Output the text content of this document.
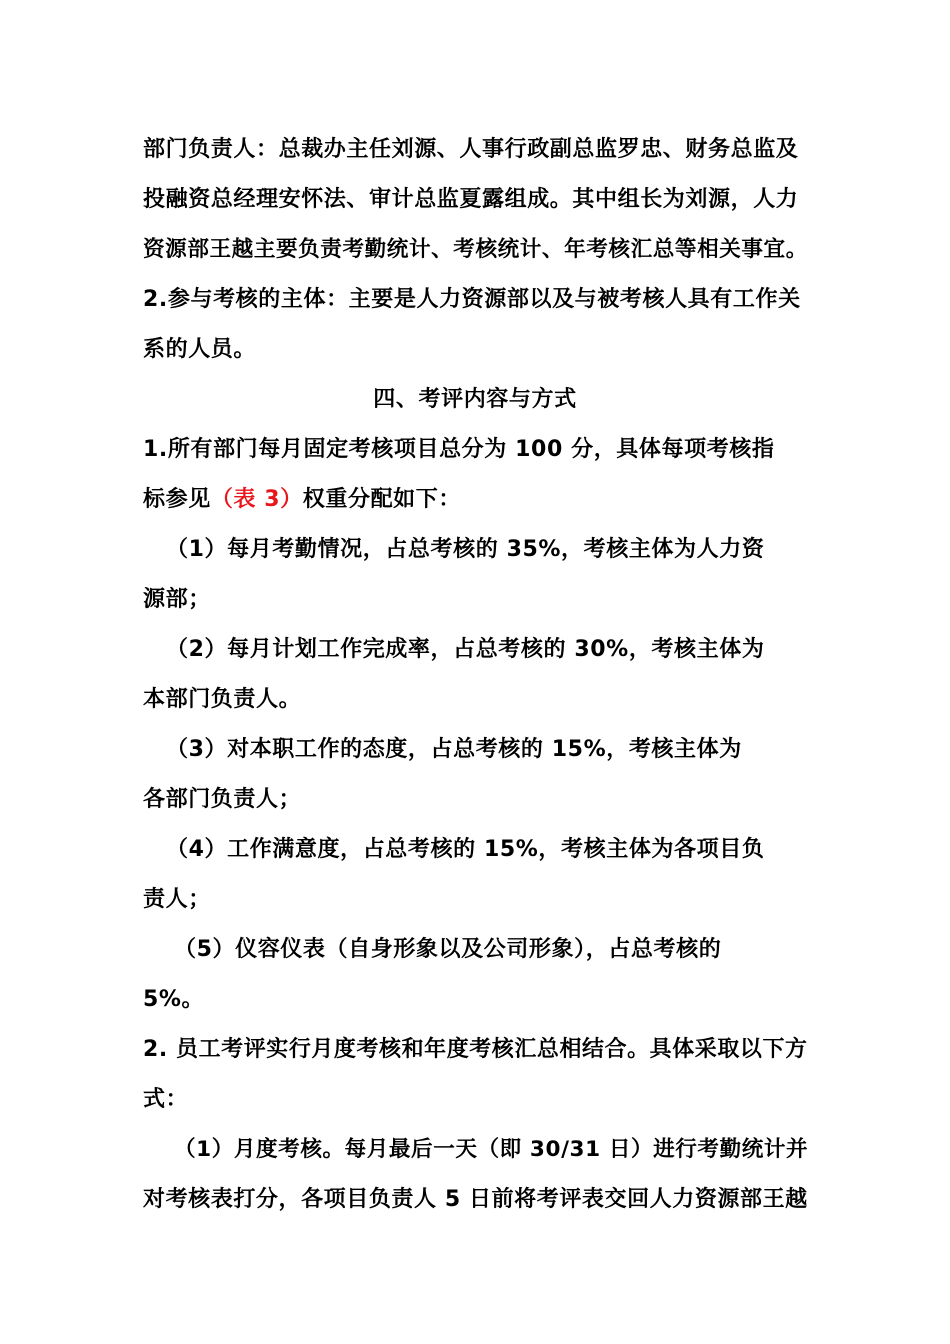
部门负责人：总裁办主任刘源、人事行政副总监罗忠、财务总监及
投融资总经理安怀法、审计总监夏露组成。其中组长为刘源，人力
资源部王越主要负责考勤统计、考核统计、年考核汇总等相关事宜。
2.参与考核的主体：主要是人力资源部以及与被考核人具有工作关
系的人员。
四、考评内容与方式
1.所有部门每月固定考核项目总分为 100 分，具体每项考核指
标参见（表 3）权重分配如下：
（1）每月考勤情况，占总考核的 35%，考核主体为人力资
源部；
（2）每月计划工作完成率，占总考核的 30%，考核主体为
本部门负责人。
（3）对本职工作的态度，占总考核的 15%，考核主体为
各部门负责人；
（4）工作满意度，占总考核的 15%，考核主体为各项目负
责人；
（5）仪容仪表（自身形象以及公司形象），占总考核的
5%。
2. 员工考评实行月度考核和年度考核汇总相结合。具体采取以下方
式：
（1）月度考核。每月最后一天（即 30/31 日）进行考勤统计并
对考核表打分，各项目负责人 5 日前将考评表交回人力资源部王越
